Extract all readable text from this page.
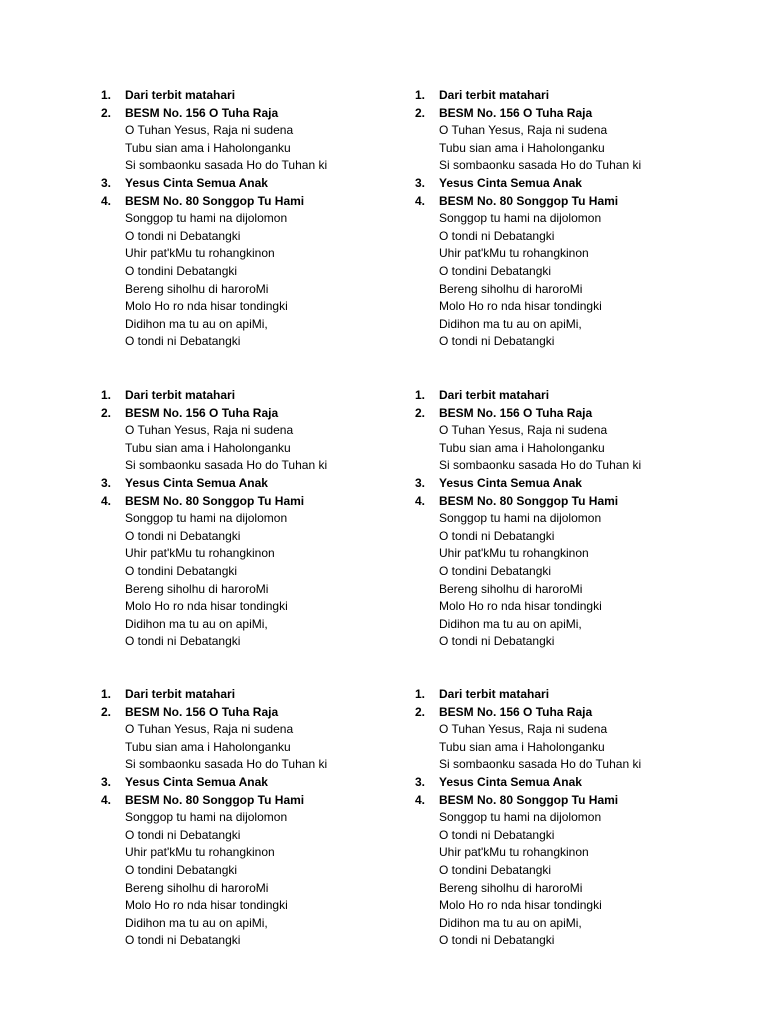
1. Dari terbit matahari
2. BESM No. 156 O Tuha Raja
O Tuhan Yesus, Raja ni sudena
Tubu sian ama i Haholonganku
Si sombaonku sasada Ho do Tuhan ki
3. Yesus Cinta Semua Anak
4. BESM No. 80 Songgop Tu Hami
Songgop tu hami na dijolomon
O tondi ni Debatangki
Uhir pat'kMu tu rohangkinon
O tondini Debatangki
Bereng siholhu di haroroMi
Molo Ho ro nda hisar tondingki
Didihon ma tu au on apiMi,
O tondi ni Debatangki
1. Dari terbit matahari
2. BESM No. 156 O Tuha Raja
O Tuhan Yesus, Raja ni sudena
Tubu sian ama i Haholonganku
Si sombaonku sasada Ho do Tuhan ki
3. Yesus Cinta Semua Anak
4. BESM No. 80 Songgop Tu Hami
Songgop tu hami na dijolomon
O tondi ni Debatangki
Uhir pat'kMu tu rohangkinon
O tondini Debatangki
Bereng siholhu di haroroMi
Molo Ho ro nda hisar tondingki
Didihon ma tu au on apiMi,
O tondi ni Debatangki
1. Dari terbit matahari
2. BESM No. 156 O Tuha Raja
O Tuhan Yesus, Raja ni sudena
Tubu sian ama i Haholonganku
Si sombaonku sasada Ho do Tuhan ki
3. Yesus Cinta Semua Anak
4. BESM No. 80 Songgop Tu Hami
Songgop tu hami na dijolomon
O tondi ni Debatangki
Uhir pat'kMu tu rohangkinon
O tondini Debatangki
Bereng siholhu di haroroMi
Molo Ho ro nda hisar tondingki
Didihon ma tu au on apiMi,
O tondi ni Debatangki
1. Dari terbit matahari
2. BESM No. 156 O Tuha Raja
O Tuhan Yesus, Raja ni sudena
Tubu sian ama i Haholonganku
Si sombaonku sasada Ho do Tuhan ki
3. Yesus Cinta Semua Anak
4. BESM No. 80 Songgop Tu Hami
Songgop tu hami na dijolomon
O tondi ni Debatangki
Uhir pat'kMu tu rohangkinon
O tondini Debatangki
Bereng siholhu di haroroMi
Molo Ho ro nda hisar tondingki
Didihon ma tu au on apiMi,
O tondi ni Debatangki
1. Dari terbit matahari
2. BESM No. 156 O Tuha Raja
O Tuhan Yesus, Raja ni sudena
Tubu sian ama i Haholonganku
Si sombaonku sasada Ho do Tuhan ki
3. Yesus Cinta Semua Anak
4. BESM No. 80 Songgop Tu Hami
Songgop tu hami na dijolomon
O tondi ni Debatangki
Uhir pat'kMu tu rohangkinon
O tondini Debatangki
Bereng siholhu di haroroMi
Molo Ho ro nda hisar tondingki
Didihon ma tu au on apiMi,
O tondi ni Debatangki
1. Dari terbit matahari
2. BESM No. 156 O Tuha Raja
O Tuhan Yesus, Raja ni sudena
Tubu sian ama i Haholonganku
Si sombaonku sasada Ho do Tuhan ki
3. Yesus Cinta Semua Anak
4. BESM No. 80 Songgop Tu Hami
Songgop tu hami na dijolomon
O tondi ni Debatangki
Uhir pat'kMu tu rohangkinon
O tondini Debatangki
Bereng siholhu di haroroMi
Molo Ho ro nda hisar tondingki
Didihon ma tu au on apiMi,
O tondi ni Debatangki
